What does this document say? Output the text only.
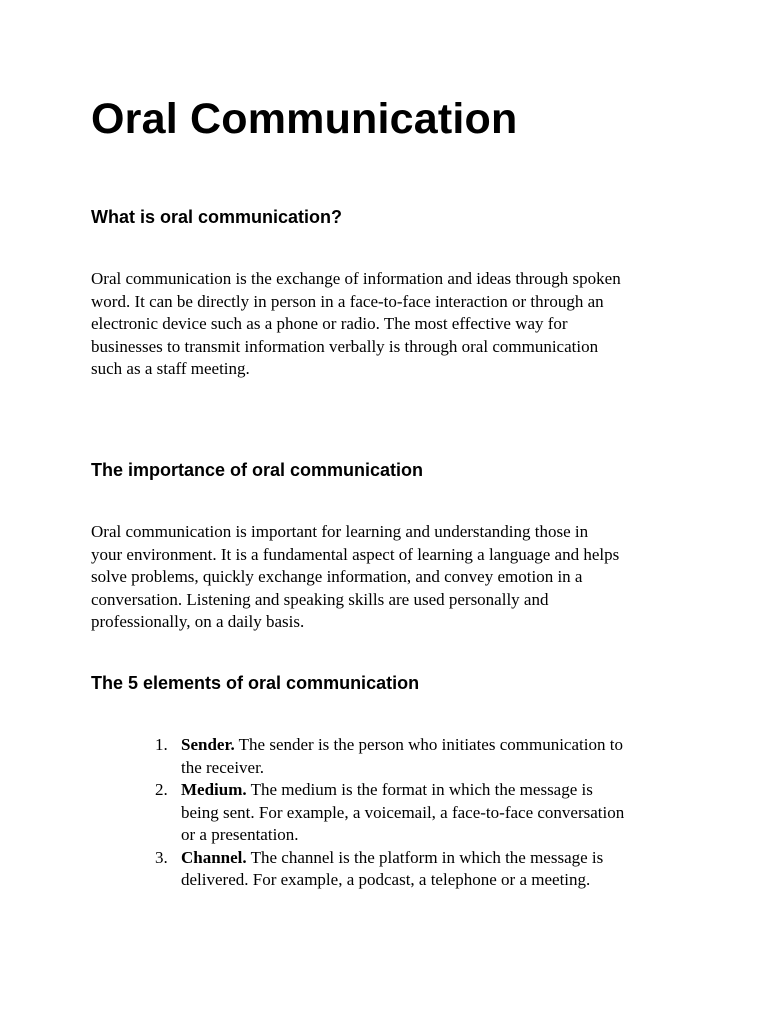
Oral Communication
What is oral communication?

Oral communication is the exchange of information and ideas through spoken
word. It can be directly in person in a face-to-face interaction or through an
electronic device such as a phone or radio. The most effective way for
businesses to transmit information verbally is through oral communication
such as a staff meeting.

The importance of oral communication

Oral communication is important for learning and understanding those in
your environment. It is a fundamental aspect of learning a language and helps
solve problems, quickly exchange information, and convey emotion in a
conversation. Listening and speaking skills are used personally and
professionally, on a daily basis.

The 5 elements of oral communication
1. Sender. The sender is the person who initiates communication to
the receiver.
2. Medium. The medium is the format in which the message is
being sent. For example, a voicemail, a face-to-face conversation
or a presentation.
3. Channel. The channel is the platform in which the message is
delivered. For example, a podcast, a telephone or a meeting.
